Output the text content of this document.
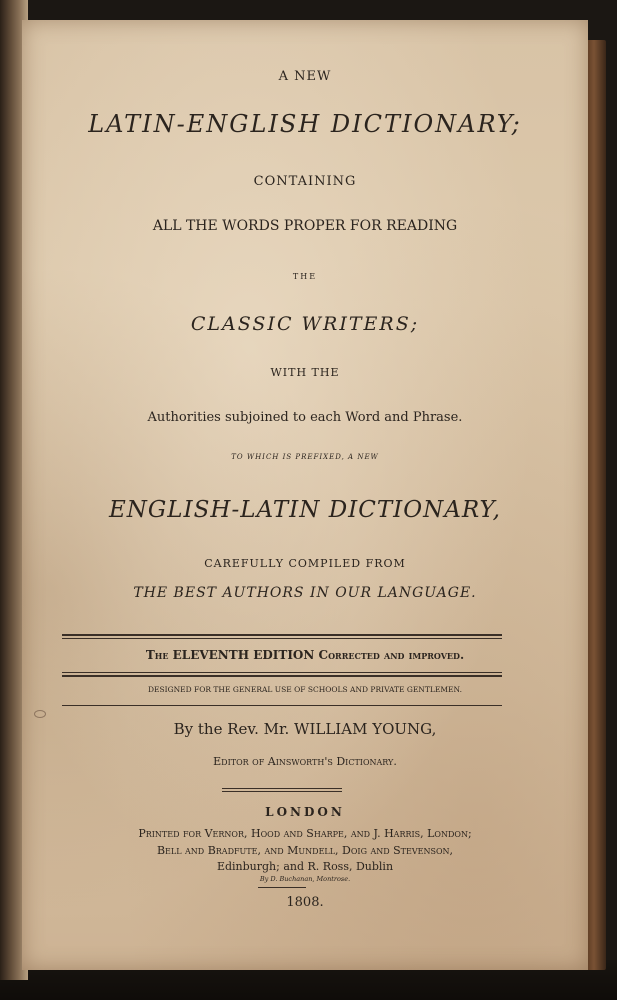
A NEW
LATIN-ENGLISH DICTIONARY;
CONTAINING
ALL THE WORDS PROPER FOR READING
THE
CLASSIC WRITERS;
WITH THE
Authorities subjoined to each Word and Phrase.
TO WHICH IS PREFIXED, A NEW
ENGLISH-LATIN DICTIONARY,
CAREFULLY COMPILED FROM
THE BEST AUTHORS IN OUR LANGUAGE.
The ELEVENTH EDITION Corrected and improved.
DESIGNED FOR THE GENERAL USE OF SCHOOLS AND PRIVATE GENTLEMEN.
By the Rev. Mr. WILLIAM YOUNG,
Editor of Ainsworth's Dictionary.
LONDON
Printed for Vernor, Hood and Sharpe, and J. Harris, London;
Bell and Bradfute, and Mundell, Doig and Stevenson,
Edinburgh; and R. Ross, Dublin
By D. Buchanan, Montrose.
1808.
